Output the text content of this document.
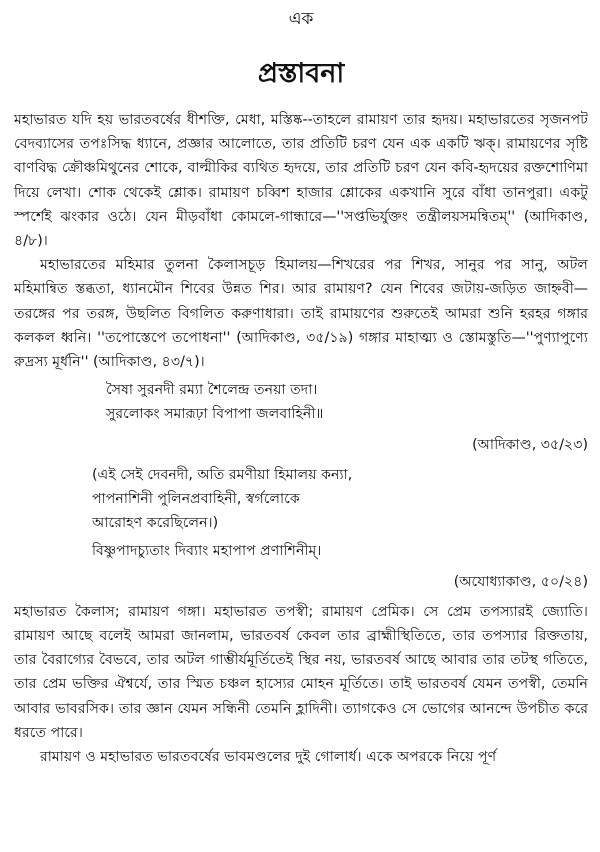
এক
প্রস্তাবনা

মহাভারত যদি হয় ভারতবর্ষের ধীশক্তি, মেধা, মস্তিষ্ক--তাহলে রামায়ণ তার হৃদয়। মহাভারতের সৃজনপট বেদব্যাসের তপঃসিদ্ধ ধ্যানে, প্রজ্ঞার আলোতে, তার প্রতিটি চরণ যেন এক একটি ঋক্। রামায়ণের সৃষ্টি বাণবিদ্ধ ক্রৌঞ্চমিথুনের শোকে, বাল্মীকির ব্যথিত হৃদয়ে, তার প্রতিটি চরণ যেন কবি-হৃদয়ের রক্তশোণিমা দিয়ে লেখা। শোক থেকেই শ্লোক। রামায়ণ চব্বিশ হাজার শ্লোকের একখানি সুরে বাঁধা তানপুরা। একটু স্পর্শেই ঝংকার ওঠে। যেন মীড়বাঁধা কোমলে-গান্ধারে—''সপ্তভির্যুক্তং তন্ত্রীলয়সমন্বিতম্'' (আদিকাণ্ড, ৪/৮)।

মহাভারতের মহিমার তুলনা কৈলাসচূড় হিমালয়—শিখরের পর শিখর, সানুর পর সানু, অটল মহিমান্বিত স্তব্ধতা, ধ্যানমৌন শিবের উন্নত শির। আর রামায়ণ? যেন শিবের জটায়-জড়িত জাহ্নবী—তরঙ্গের পর তরঙ্গ, উছলিত বিগলিত করুণাধারা। তাই রামায়ণের শুরুতেই আমরা শুনি হরহর গঙ্গার কলকল ধ্বনি। ''তপোস্তেপে তপোধনা'' (আদিকাণ্ড, ৩৫/১৯) গঙ্গার মাহাত্ম্য ও স্তোমস্তুতি—''পুণ্যাপুণ্যে রুদ্রস্য মূর্ধনি'' (আদিকাণ্ড, ৪৩/৭)।

সৈষা সুরনদী রম্যা শৈলেন্দ্র তনয়া তদা।
সুরলোকং সমারূঢ়া বিপাপা জলবাহিনী॥
(আদিকাণ্ড, ৩৫/২৩)
(এই সেই দেবনদী, অতি রমণীয়া হিমালয় কন্যা,
পাপনাশিনী পুলিনপ্রবাহিনী, স্বর্গলোকে
আরোহণ করেছিলেন।)
বিষ্ণুপাদচ্যুতাং দিব্যাং মহাপাপ প্রণাশিনীম্।
(অযোধ্যাকাণ্ড, ৫০/২৪)

মহাভারত কৈলাস; রামায়ণ গঙ্গা। মহাভারত তপস্বী; রামায়ণ প্রেমিক। সে প্রেম তপস্যারই জ্যোতি। রামায়ণ আছে বলেই আমরা জানলাম, ভারতবর্ষ কেবল তার ব্রাহ্মীস্থিতিতে, তার তপস্যার রিক্ততায়, তার বৈরাগ্যের বৈভবে, তার অটল গাম্ভীর্যমূর্তিতেই স্থির নয়, ভারতবর্ষ আছে আবার তার তটস্থ গতিতে, তার প্রেম ভক্তির ঐশ্বর্যে, তার স্মিত চঞ্চল হাস্যের মোহন মূর্তিতে। তাই ভারতবর্ষ যেমন তপস্বী, তেমনি আবার ভাবরসিক। তার জ্ঞান যেমন সন্ধিনী তেমনি হ্লাদিনী। ত্যাগকেও সে ভোগের আনন্দে উপচীত করে ধরতে পারে।

রামায়ণ ও মহাভারত ভারতবর্ষের ভাবমণ্ডলের দুই গোলার্ধ। একে অপরকে নিয়ে পূর্ণ
